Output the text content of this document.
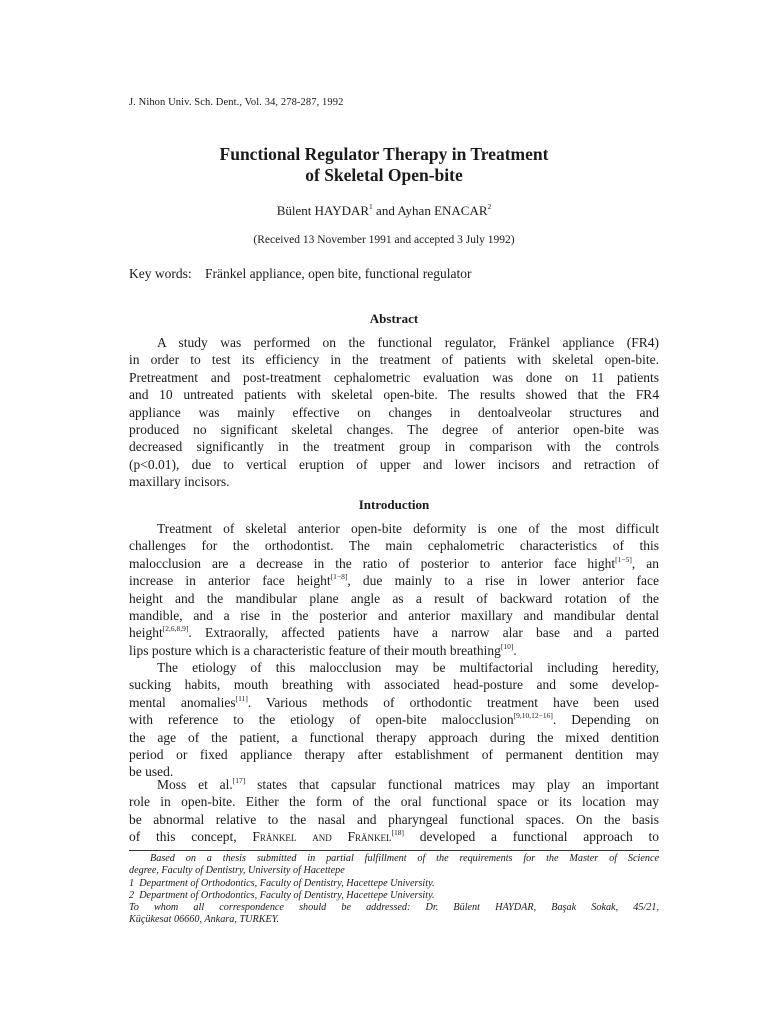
J. Nihon Univ. Sch. Dent., Vol. 34, 278-287, 1992
Functional Regulator Therapy in Treatment
of Skeletal Open-bite
Bülent HAYDAR$^1$ and Ayhan ENACAR$^2$
(Received 13 November 1991 and accepted 3 July 1992)
Key words: Fränkel appliance, open bite, functional regulator
Abstract
A study was performed on the functional regulator, Fränkel appliance (FR4)
in order to test its efficiency in the treatment of patients with skeletal open-bite.
Pretreatment and post-treatment cephalometric evaluation was done on 11 patients
and 10 untreated patients with skeletal open-bite. The results showed that the FR4
appliance was mainly effective on changes in dentoalveolar structures and
produced no significant skeletal changes. The degree of anterior open-bite was
decreased significantly in the treatment group in comparison with the controls
(p<0.01), due to vertical eruption of upper and lower incisors and retraction of
maxillary incisors.
Introduction
Treatment of skeletal anterior open-bite deformity is one of the most difficult
challenges for the orthodontist. The main cephalometric characteristics of this
malocclusion are a decrease in the ratio of posterior to anterior face hight[1−5], an
increase in anterior face height[1−8], due mainly to a rise in lower anterior face
height and the mandibular plane angle as a result of backward rotation of the
mandible, and a rise in the posterior and anterior maxillary and mandibular dental
height[2,6,8,9]. Extraorally, affected patients have a narrow alar base and a parted
lips posture which is a characteristic feature of their mouth breathing[10].
The etiology of this malocclusion may be multifactorial including heredity,
sucking habits, mouth breathing with associated head-posture and some develop-
mental anomalies[11]. Various methods of orthodontic treatment have been used
with reference to the etiology of open-bite malocclusion[9,10,12−16]. Depending on
the age of the patient, a functional therapy approach during the mixed dentition
period or fixed appliance therapy after establishment of permanent dentition may
be used.
Moss et al.[17] states that capsular functional matrices may play an important
role in open-bite. Either the form of the oral functional space or its location may
be abnormal relative to the nasal and pharyngeal functional spaces. On the basis
of this concept, Fränkel and Fränkel[18] developed a functional approach to
Based on a thesis submitted in partial fulfillment of the requirements for the Master of Science
degree, Faculty of Dentistry, University of Hacettepe
1  Department of Orthodontics, Faculty of Dentistry, Hacettepe University.
2  Department of Orthodontics, Faculty of Dentistry, Hacettepe University.
To whom all correspondence should be addressed: Dr. Bülent HAYDAR, Başak Sokak, 45/21,
Küçükesat 06660, Ankara, TURKEY.
